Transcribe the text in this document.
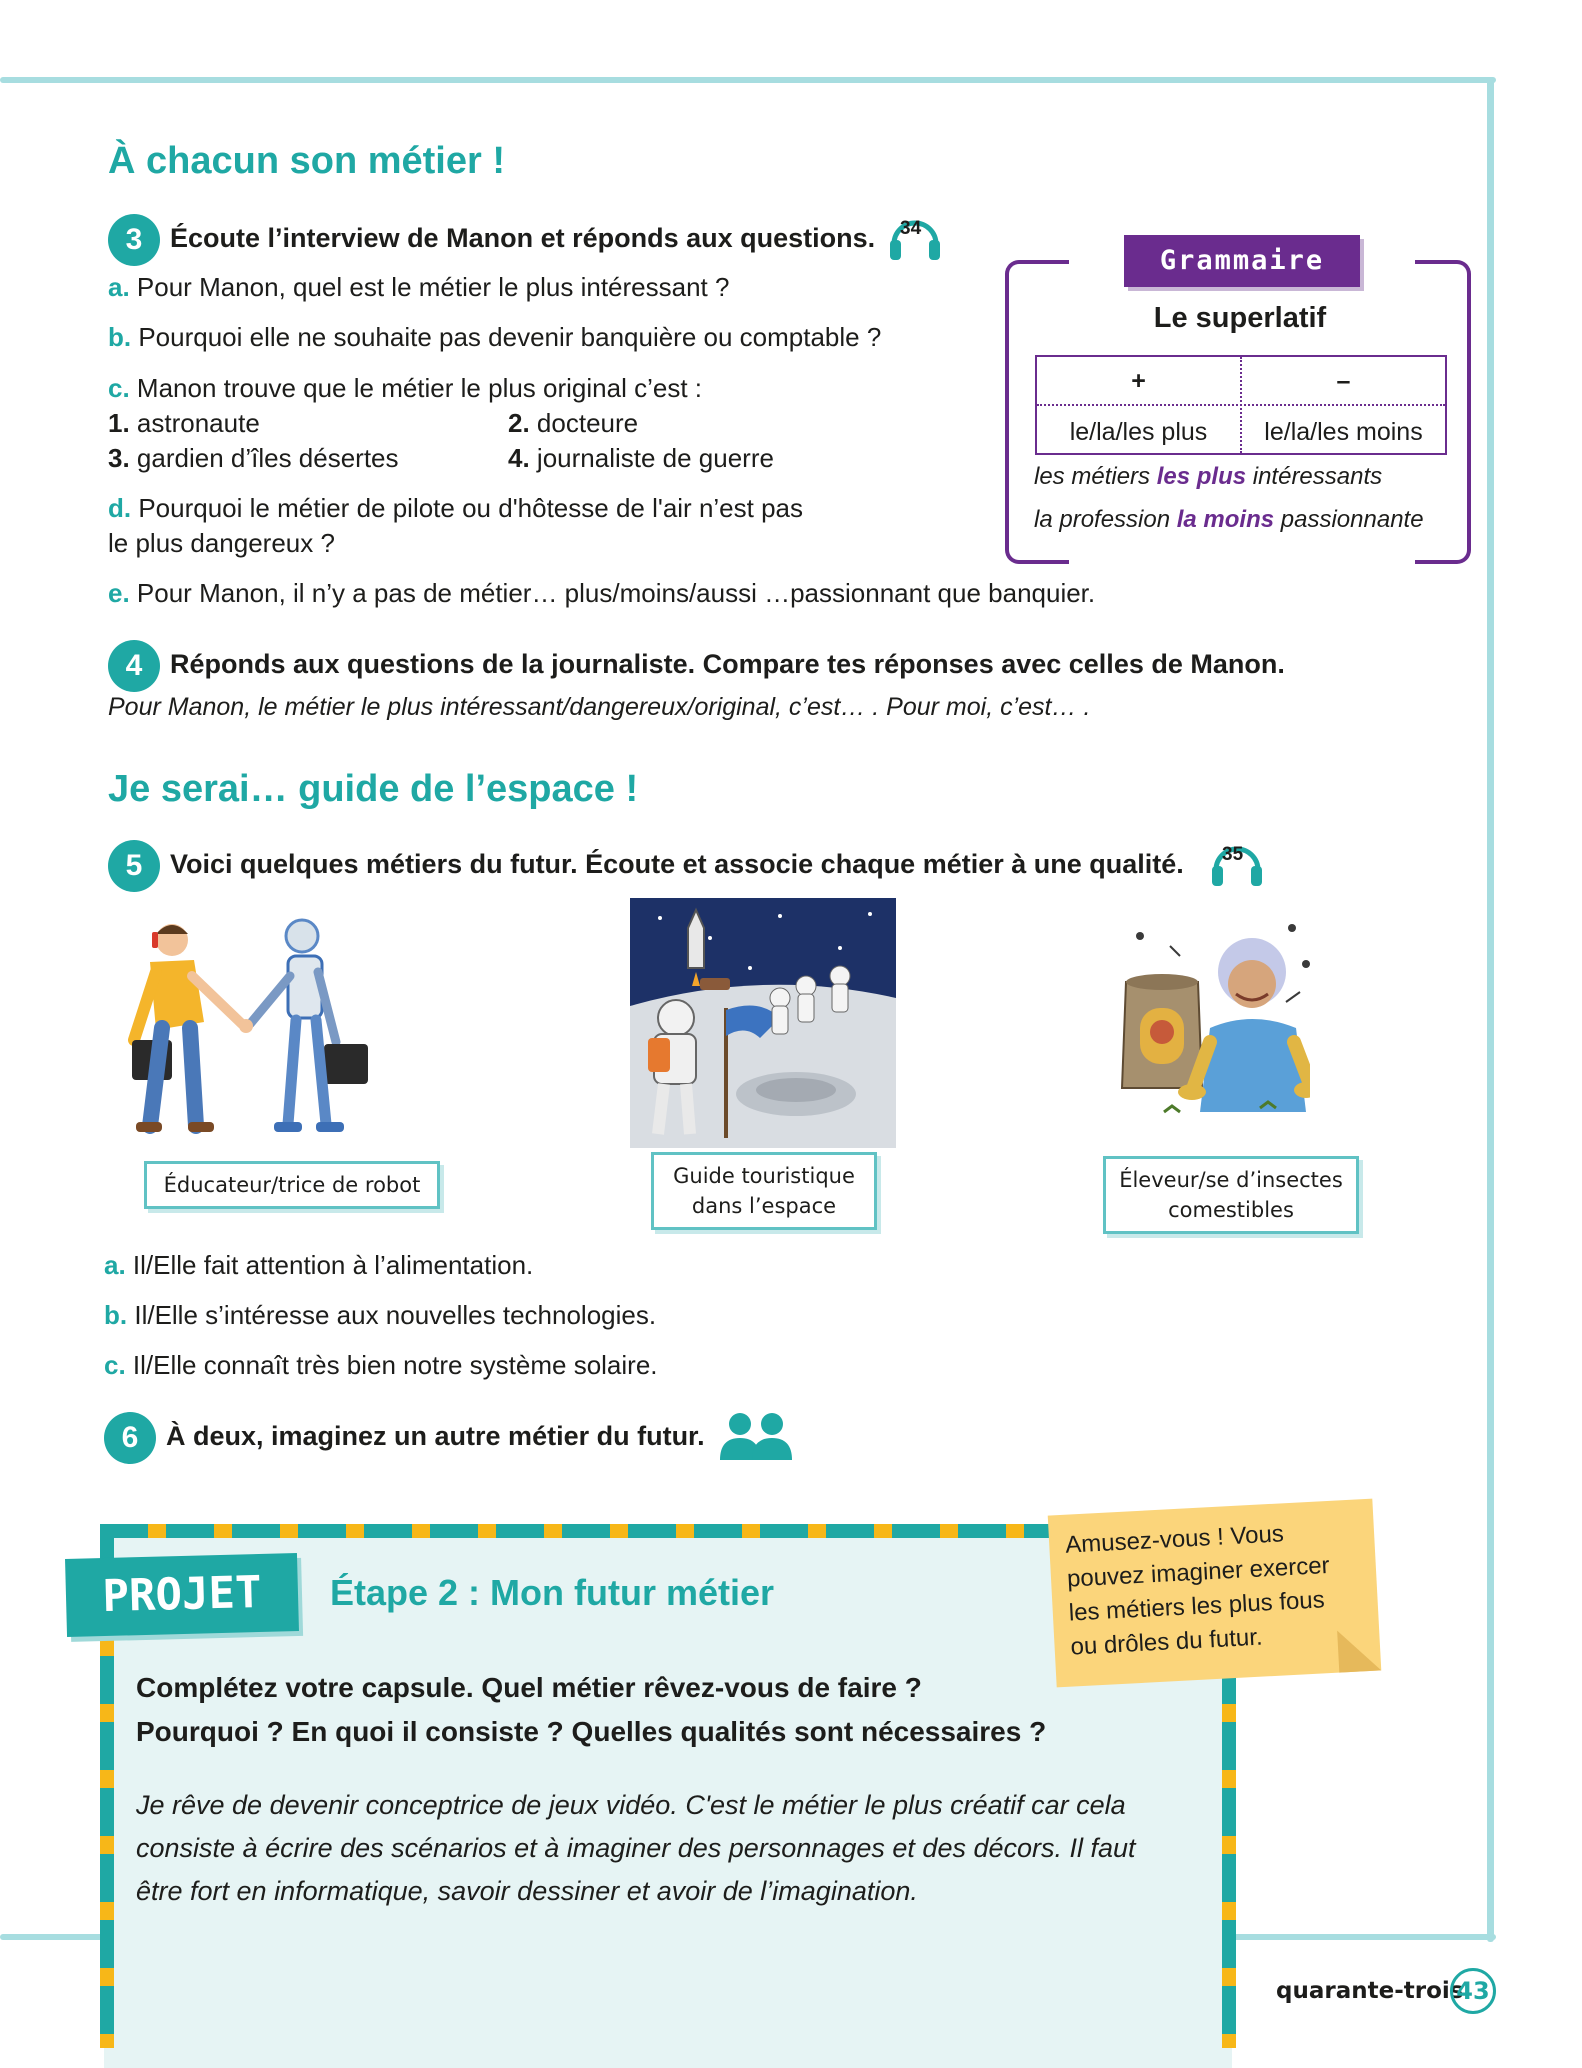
À chacun son métier !
3	Écoute l’interview de Manon et réponds aux questions. 34
a. Pour Manon, quel est le métier le plus intéressant ?
b. Pourquoi elle ne souhaite pas devenir banquière ou comptable ?
c. Manon trouve que le métier le plus original c’est :
1. astronaute	2. docteure
3. gardien d’îles désertes	4. journaliste de guerre
d. Pourquoi le métier de pilote ou d'hôtesse de l'air n’est pas
le plus dangereux ?
e. Pour Manon, il n’y a pas de métier… plus/moins/aussi …passionnant que banquier.
Grammaire
Le superlatif
+	–
le/la/les plus	le/la/les moins
les métiers les plus intéressants
la profession la moins passionnante
4	Réponds aux questions de la journaliste. Compare tes réponses avec celles de Manon.
Pour Manon, le métier le plus intéressant/dangereux/original, c’est… . Pour moi, c’est… .
Je serai… guide de l’espace !
5	Voici quelques métiers du futur. Écoute et associe chaque métier à une qualité. 35
Éducateur/trice de robot	Guide touristique
dans l’espace
Éleveur/se d’insectes
comestibles
a. Il/Elle fait attention à l’alimentation.
b. Il/Elle s’intéresse aux nouvelles technologies.
c. Il/Elle connaît très bien notre système solaire.
6	À deux, imaginez un autre métier du futur.
PROJET	Étape 2 : Mon futur métier
Amusez-vous ! Vous
pouvez imaginer exercer
les métiers les plus fous
ou drôles du futur.
Complétez votre capsule. Quel métier rêvez-vous de faire ?
Pourquoi ? En quoi il consiste ? Quelles qualités sont nécessaires ?
Je rêve de devenir conceptrice de jeux vidéo. C'est le métier le plus créatif car cela
consiste à écrire des scénarios et à imaginer des personnages et des décors. Il faut
être fort en informatique, savoir dessiner et avoir de l’imagination.
quarante-trois
43
